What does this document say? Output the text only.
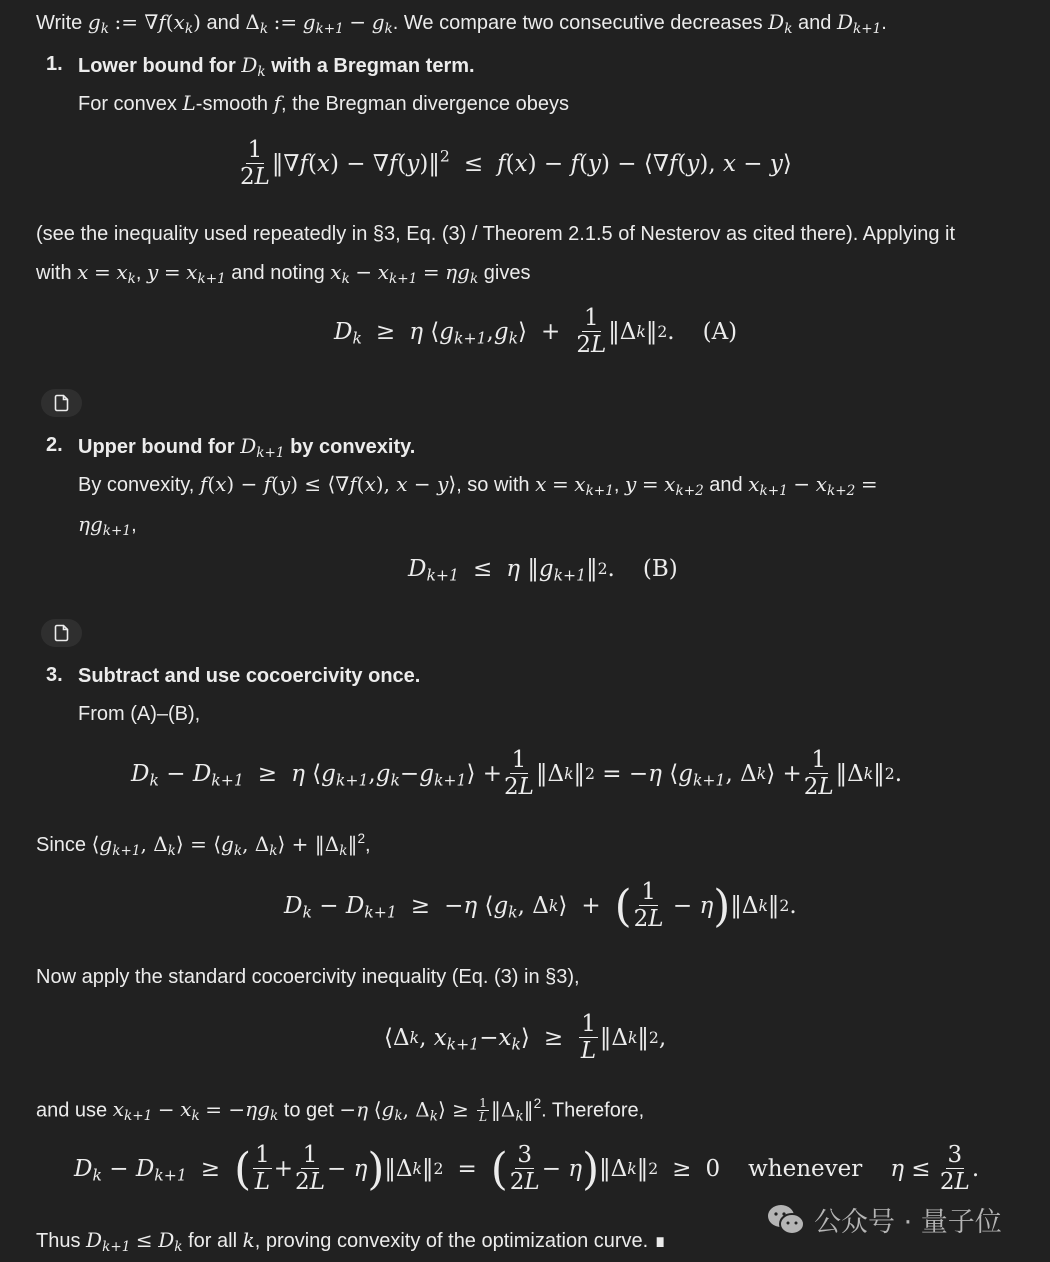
Write $g_k$ := $\nabla f(x_k)$ and $\Delta_k$ := $g_{k+1} - g_k$. We compare two consecutive decreases $D_k$ and $D_{k+1}$.
1. Lower bound for $D_k$ with a Bregman term.
For convex L-smooth f, the Bregman divergence obeys
$\frac{1}{2L}$ ‖∇f(x) − ∇f(y)‖$^2$ ≤ f(x) − f(y) − ⟨∇f(y), x − y⟩
(see the inequality used repeatedly in §3, Eq. (3) / Theorem 2.1.5 of Nesterov as cited there). Applying it
with $x = x_k$, $y = x_{k+1}$ and noting $x_k - x_{k+1} = \eta g_k$ gives
$D_k \ge \eta$ ⟨ $g_{k+1}$ , $g_k$ ⟩ + $\frac{1}{2L}$ ‖Δ k ‖ 2 . (A)
2. Upper bound for $D_{k+1}$ by convexity.
By convexity, f(x) − f(y) ≤ ⟨∇f(x), x − y⟩, so with $x = x_{k+1}$, $y = x_{k+2}$ and $x_{k+1} - x_{k+2}$ =
$\eta g_{k+1}$,
$D_{k+1} \le \eta$ ‖ $g_{k+1}$ ‖ 2 . (B)
3. Subtract and use cocoercivity once.
From (A)–(B),
$D_k - D_{k+1} \ge \eta$ ⟨ $g_{k+1}$ , $g_k - g_{k+1}$ ⟩ + $\frac{1}{2L}$ ‖Δ k ‖ 2 = − η ⟨ $g_{k+1}$ , Δ k ⟩ + $\frac{1}{2L}$ ‖Δ k ‖ 2 .
Since $⟨g_{k+1}$, $\Delta_k⟩$ = $⟨g_k$, $\Delta_k⟩$ + $‖\Delta_k‖^2$,
$D_k - D_{k+1}$ ≥ − η ⟨ $g_k$ , Δ k ⟩ + ( $\frac{1}{2L} - \eta$ ) ‖Δ k ‖ 2 .
Now apply the standard cocoercivity inequality (Eq. (3) in §3),
⟨Δ k , $x_{k+1} - x_k$ ⟩ ≥ $\frac{1}{L}$ ‖Δ k ‖ 2 ,
and use $x_{k+1} - x_k = -\eta g_k$ to get −η $⟨g_k$, $\Delta_k⟩ \ge \frac{1}{L}$ $‖\Delta_k‖^2$. Therefore,
$D_k - D_{k+1}$ ≥ ( $\frac{1}{L} + \frac{1}{2L} - \eta$ ) ‖Δ k ‖ 2 = ( $\frac{3}{2L} - \eta$ ) ‖Δ k ‖ 2 ≥ 0 whenever $\eta \le \frac{3}{2L}$ .
Thus $D_{k+1} \le D_k$ for all k, proving convexity of the optimization curve. ∎
公众号 · 量子位
